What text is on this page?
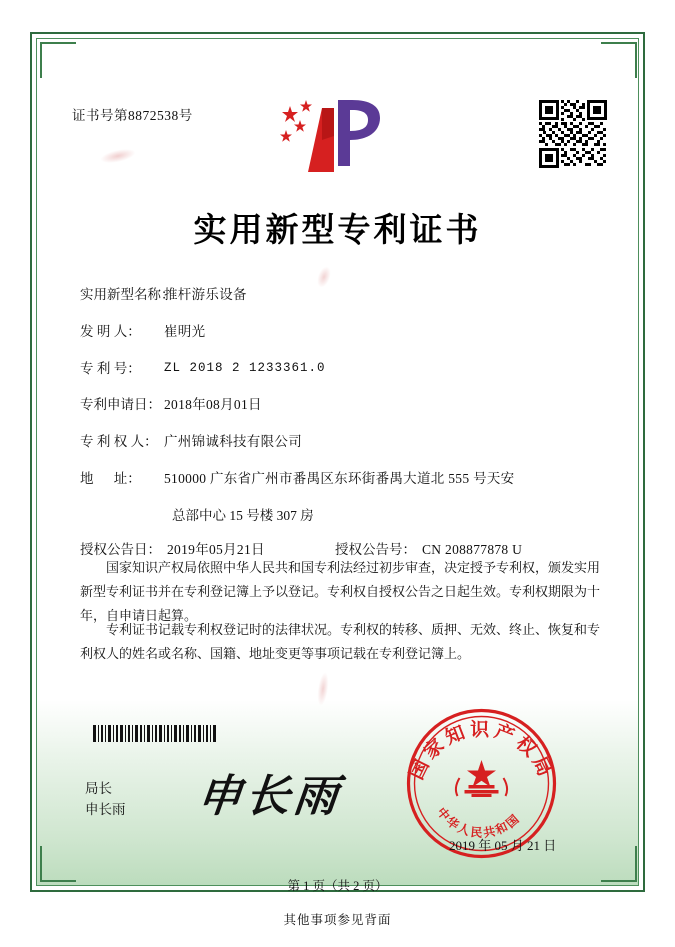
证书号第8872538号
实用新型专利证书
实用新型名称：
推杆游乐设备
发 明 人：	崔明光
专 利 号：	ZL 2018 2 1233361.0
专利申请日： 2018年08月01日
专 利 权 人： 广州锦诚科技有限公司
地      址：	510000 广东省广州市番禺区东环街番禺大道北 555 号天安
总部中心 15 号楼 307 房
授权公告日： 2019年05月21日	授权公告号： CN 208877878 U
国家知识产权局依照中华人民共和国专利法经过初步审查，决定授予专利权，颁发实用新型专利证书并在专利登记簿上予以登记。专利权自授权公告之日起生效。专利权期限为十年，自申请日起算。
专利证书记载专利权登记时的法律状况。专利权的转移、质押、无效、终止、恢复和专利权人的姓名或名称、国籍、地址变更等事项记载在专利登记簿上。
局长
申长雨 申长雨
国家知识产权局
中华人民共和国
2019 年 05 月 21 日
第 1 页（共 2 页）
其他事项参见背面
